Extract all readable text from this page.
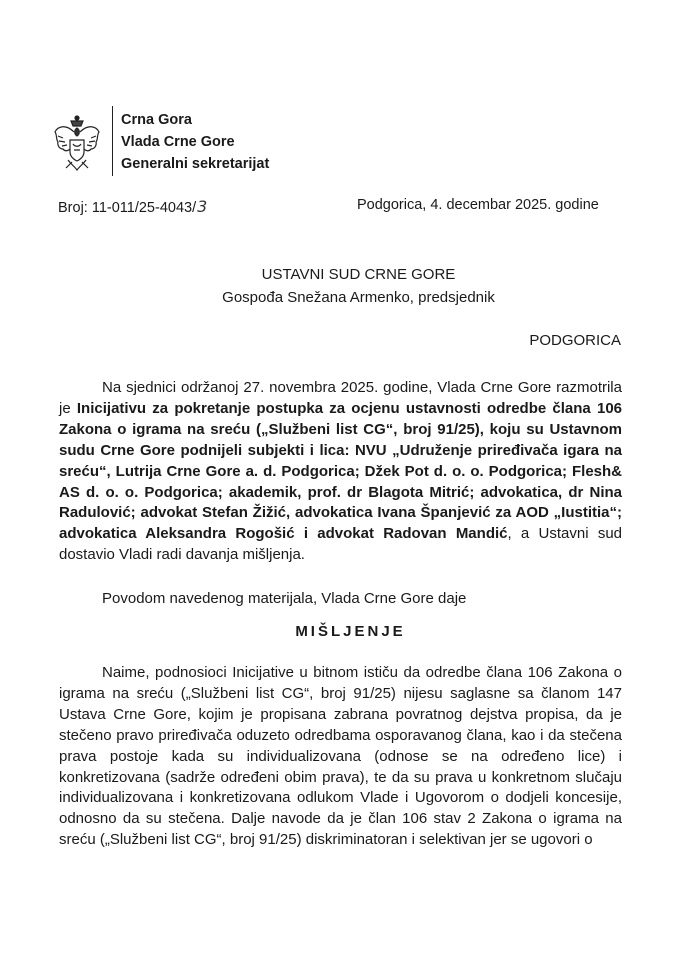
Crna Gora
Vlada Crne Gore
Generalni sekretarijat
Broj: 11-011/25-4043/3	Podgorica, 4. decembar 2025. godine
USTAVNI SUD CRNE GORE
Gospođa Snežana Armenko, predsjednik
PODGORICA
Na sjednici održanoj 27. novembra 2025. godine, Vlada Crne Gore razmotrila je Inicijativu za pokretanje postupka za ocjenu ustavnosti odredbe člana 106 Zakona o igrama na sreću („Službeni list CG“, broj 91/25), koju su Ustavnom sudu Crne Gore podnijeli subjekti i lica: NVU „Udruženje priređivača igara na sreću“, Lutrija Crne Gore a. d. Podgorica; Džek Pot d. o. o. Podgorica; Flesh& AS d. o. o. Podgorica; akademik, prof. dr Blagota Mitrić; advokatica, dr Nina Radulović; advokat Stefan Žižić, advokatica Ivana Španjević za AOD „Iustitia“; advokatica Aleksandra Rogošić i advokat Radovan Mandić, a Ustavni sud dostavio Vladi radi davanja mišljenja.
Povodom navedenog materijala, Vlada Crne Gore daje
MIŠLJENJE
Naime, podnosioci Inicijative u bitnom ističu da odredbe člana 106 Zakona o igrama na sreću („Službeni list CG“, broj 91/25) nijesu saglasne sa članom 147 Ustava Crne Gore, kojim je propisana zabrana povratnog dejstva propisa, da je stečeno pravo priređivača oduzeto odredbama osporavanog člana, kao i da stečena prava postoje kada su individualizovana (odnose se na određeno lice) i konkretizovana (sadrže određeni obim prava), te da su prava u konkretnom slučaju individualizovana i konkretizovana odlukom Vlade i Ugovorom o dodjeli koncesije, odnosno da su stečena. Dalje navode da je član 106 stav 2 Zakona o igrama na sreću („Službeni list CG“, broj 91/25) diskriminatoran i selektivan jer se ugovori o
